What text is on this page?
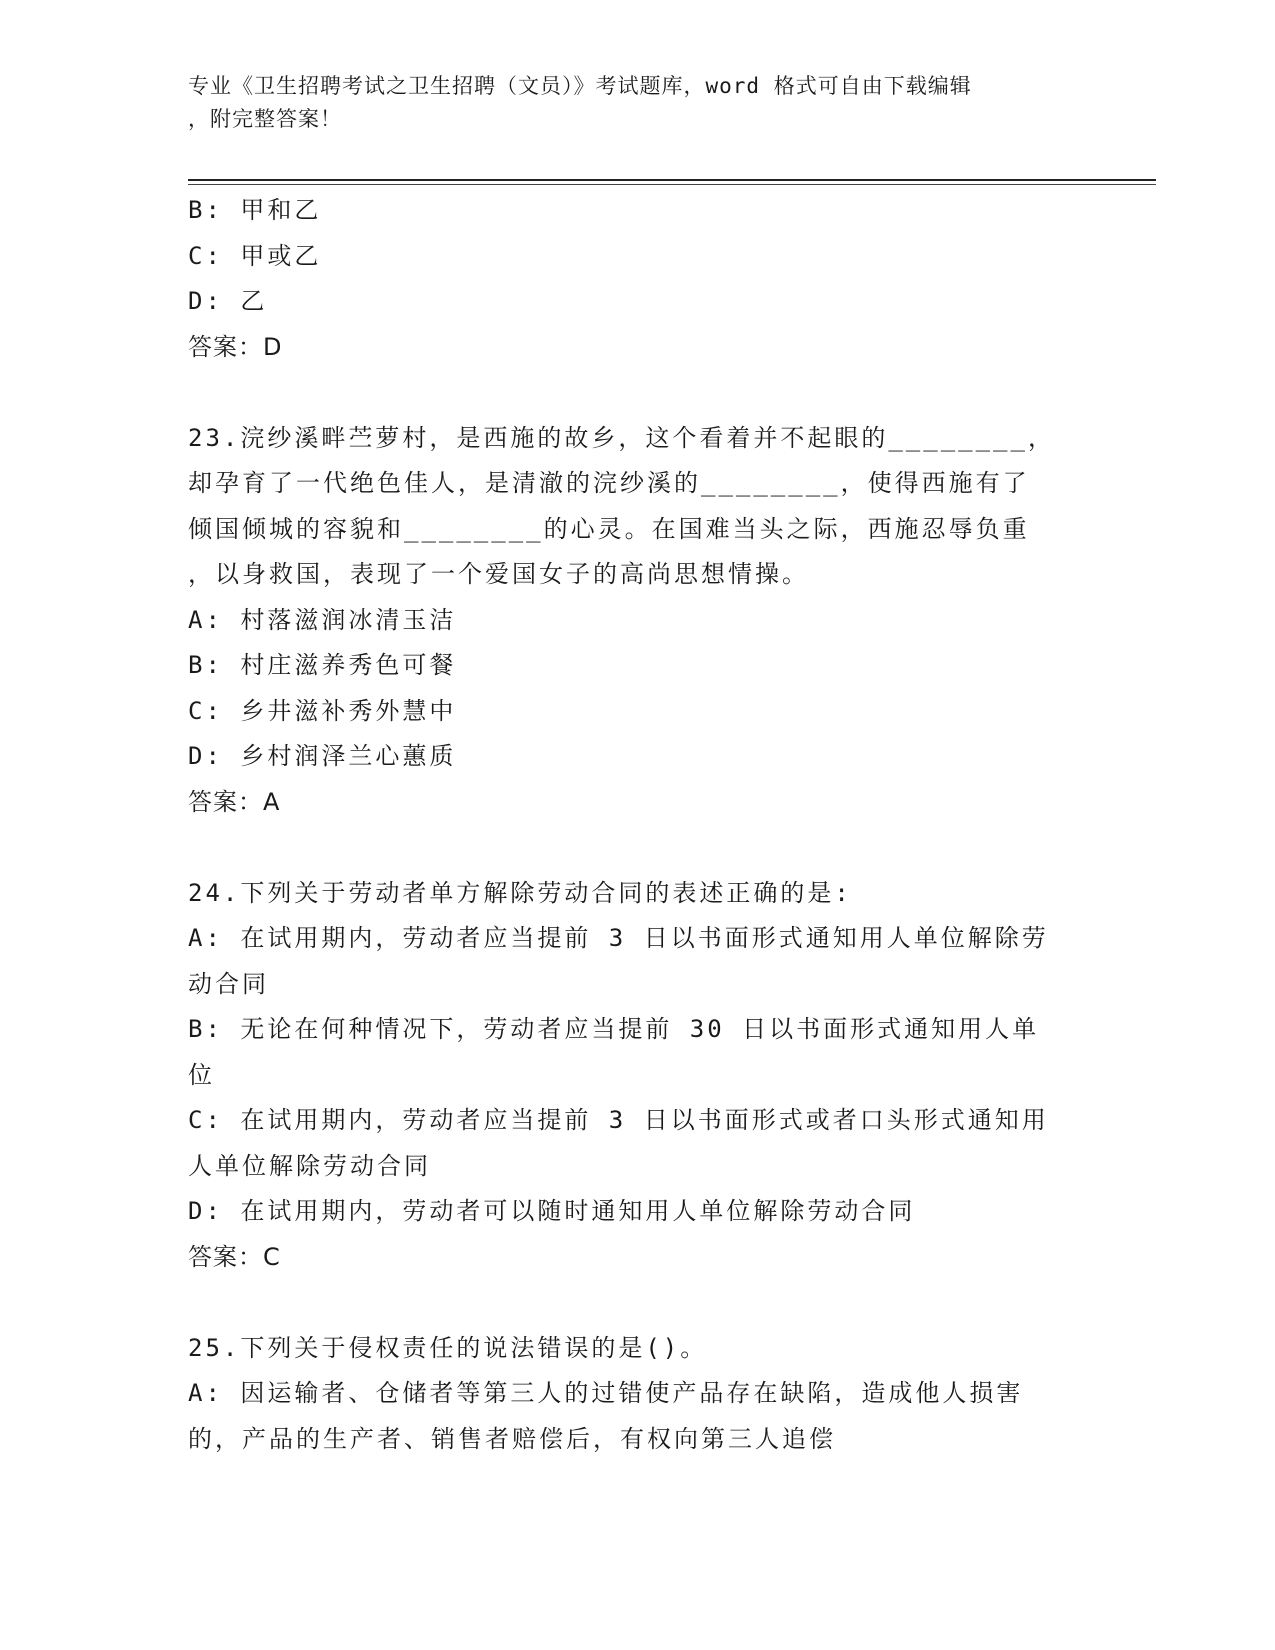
专业《卫生招聘考试之卫生招聘（文员）》考试题库，word 格式可自由下载编辑
，附完整答案！
B: 甲和乙
C: 甲或乙
D: 乙
答案：D
23.浣纱溪畔苎萝村，是西施的故乡，这个看着并不起眼的________，
却孕育了一代绝色佳人，是清澈的浣纱溪的________，使得西施有了
倾国倾城的容貌和________的心灵。在国难当头之际，西施忍辱负重
，以身救国，表现了一个爱国女子的高尚思想情操。
A: 村落滋润冰清玉洁
B: 村庄滋养秀色可餐
C: 乡井滋补秀外慧中
D: 乡村润泽兰心蕙质
答案：A
24.下列关于劳动者单方解除劳动合同的表述正确的是:
A: 在试用期内，劳动者应当提前 3 日以书面形式通知用人单位解除劳
动合同
B: 无论在何种情况下，劳动者应当提前 30 日以书面形式通知用人单
位
C: 在试用期内，劳动者应当提前 3 日以书面形式或者口头形式通知用
人单位解除劳动合同
D: 在试用期内，劳动者可以随时通知用人单位解除劳动合同
答案：C
25.下列关于侵权责任的说法错误的是()。
A: 因运输者、仓储者等第三人的过错使产品存在缺陷，造成他人损害
的，产品的生产者、销售者赔偿后，有权向第三人追偿
